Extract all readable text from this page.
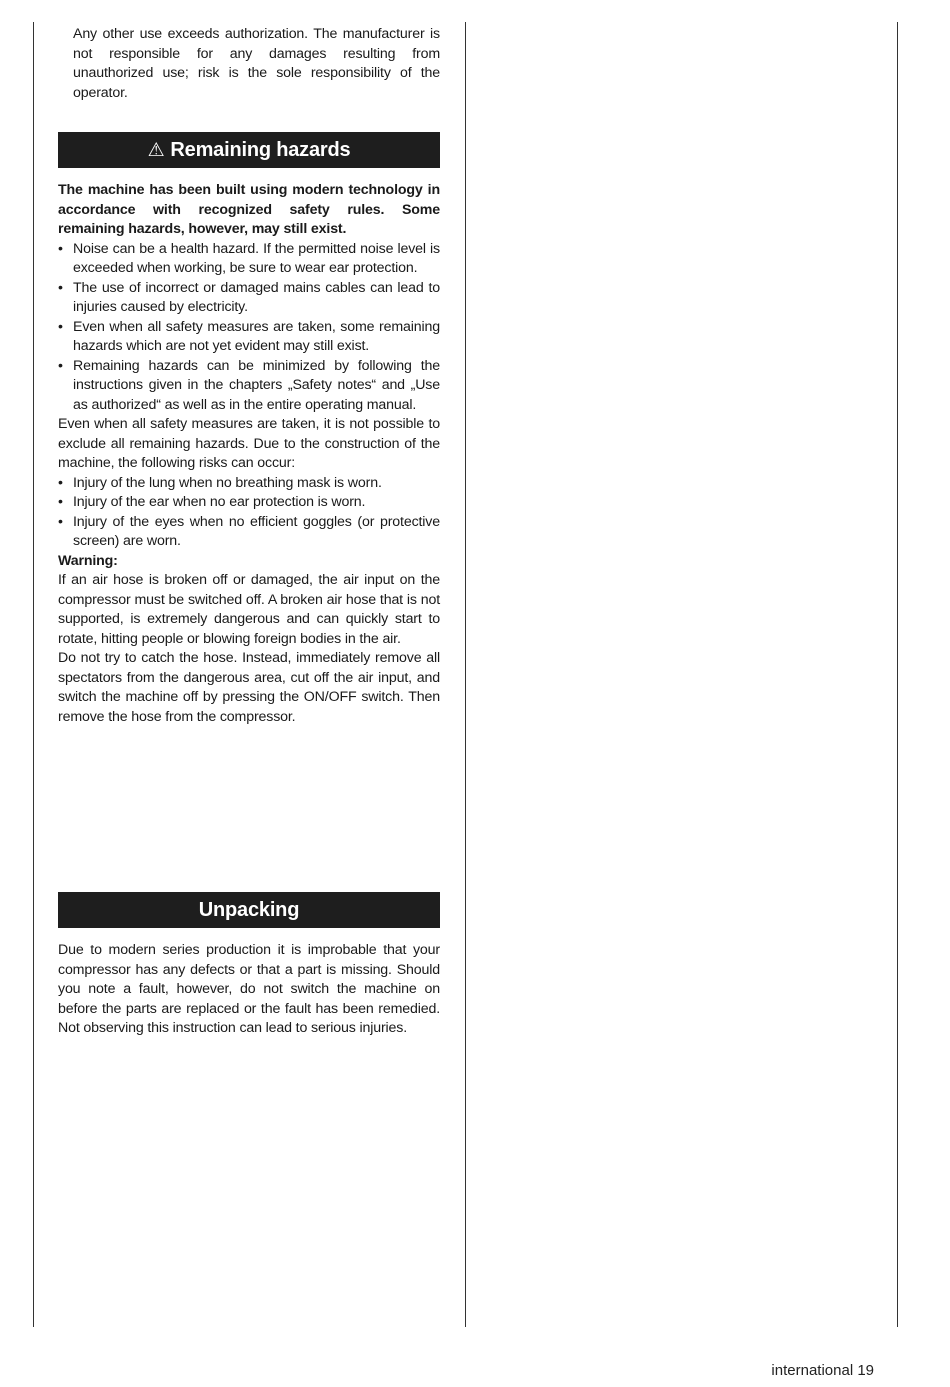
Any other use exceeds authorization. The manufacturer is not responsible for any damages resulting from unauthorized use; risk is the sole responsibility of the operator.
⚠ Remaining hazards

The machine has been built using modern technology in accordance with recognized safety rules. Some remaining hazards, however, may still exist.

• Noise can be a health hazard. If the permitted noise level is exceeded when working, be sure to wear ear protection.
• The use of incorrect or damaged mains cables can lead to injuries caused by electricity.
• Even when all safety measures are taken, some remaining hazards which are not yet evident may still exist.
• Remaining hazards can be minimized by following the instructions given in the chapters „Safety notes“ and „Use as authorized“ as well as in the entire operating manual.

Even when all safety measures are taken, it is not possible to exclude all remaining hazards. Due to the construction of the machine, the following risks can occur:

• Injury of the lung when no breathing mask is worn.
• Injury of the ear when no ear protection is worn.
• Injury of the eyes when no efficient goggles (or protective screen) are worn.

Warning:

If an air hose is broken off or damaged, the air input on the compressor must be switched off. A broken air hose that is not supported, is extremely dangerous and can quickly start to rotate, hitting people or blowing foreign bodies in the air.

Do not try to catch the hose. Instead, immediately remove all spectators from the dangerous area, cut off the air input, and switch the machine off by pressing the ON/OFF switch. Then remove the hose from the compressor.

Unpacking
Due to modern series production it is improbable that your compressor has any defects or that a part is missing. Should you note a fault, however, do not switch the machine on before the parts are replaced or the fault has been remedied. Not observing this instruction can lead to serious injuries.
international 19
